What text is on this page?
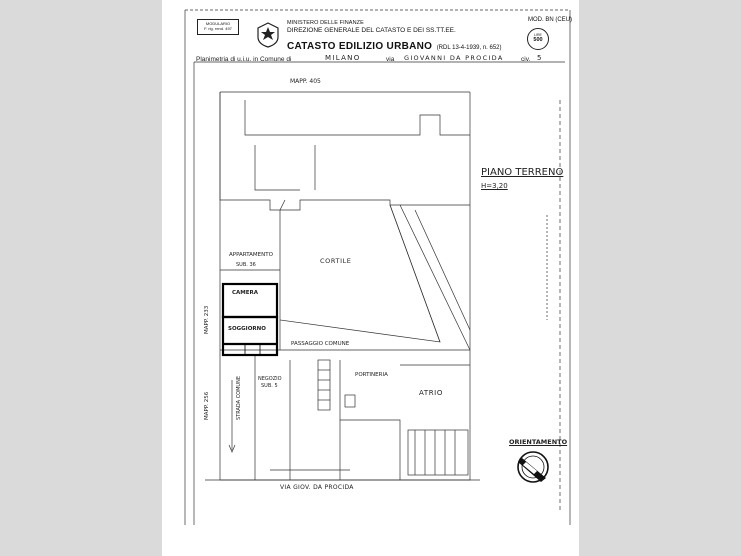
MODULARIO
F. rig. rend. 497
MINISTERO DELLE FINANZE
DIREZIONE GENERALE DEL CATASTO E DEI SS.TT.EE.
CATASTO EDILIZIO URBANO (RDL 13-4-1939, n. 652)
MOD. BN (CEU)
LIRE
500
Planimetria di u.i.u. in Comune di	MILANO	via GIOVANNI DA PROCIDA	civ. 5
MAPP. 405
PIANO TERRENO
H=3,20
CORTILE
APPARTAMENTO
SUB. 36
CAMERA
SOGGIORNO
PASSAGGIO COMUNE
PORTINERIA
ATRIO
NEGOZIO
SUB. 5
MAPP. 233
MAPP. 256	STRADA COMUNE
VIA GIOV. DA PROCIDA
ORIENTAMENTO
